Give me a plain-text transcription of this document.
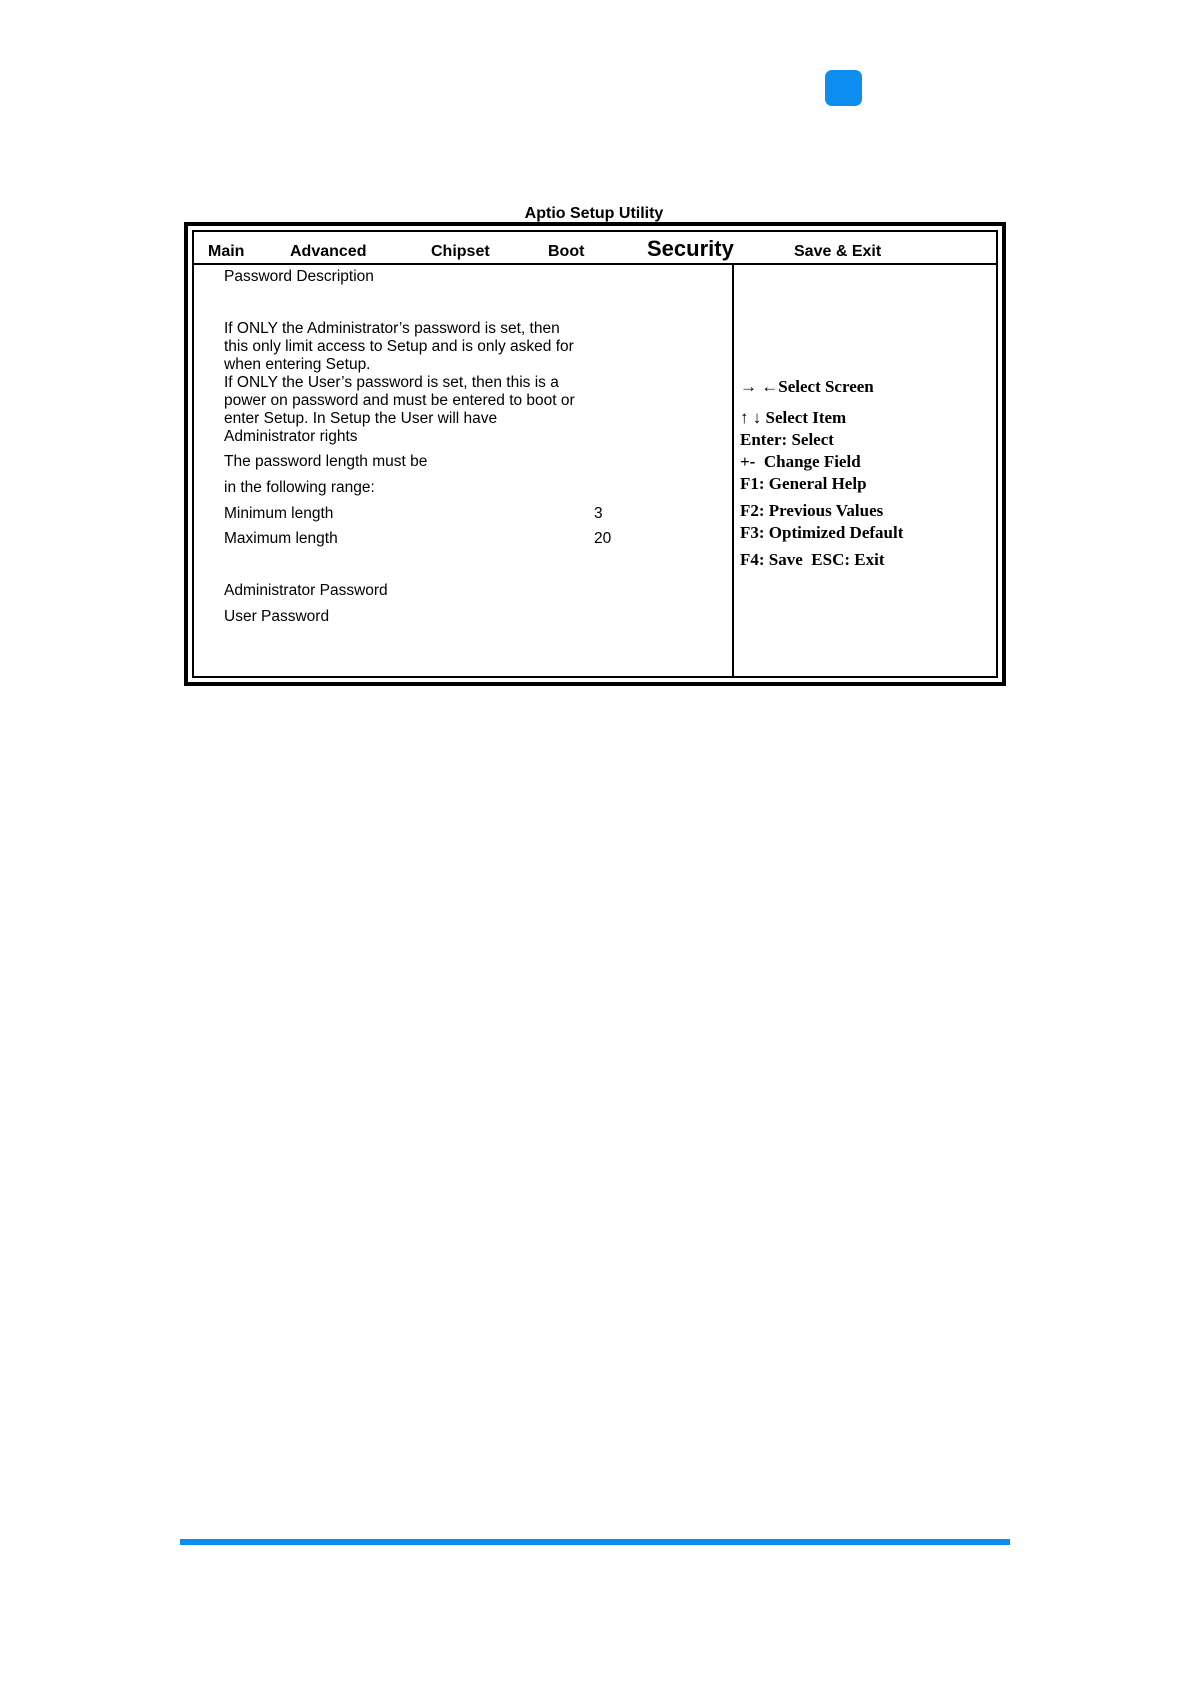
Aptio Setup Utility
Main	Advanced	Chipset	Boot	Security	Save & Exit
Password Description
If ONLY the Administrator’s password is set, then
this only limit access to Setup and is only asked for
when entering Setup.
If ONLY the User’s password is set, then this is a
power on password and must be entered to boot or
enter Setup. In Setup the User will have
Administrator rights
The password length must be
in the following range:
Minimum length	3
Maximum length	20
Administrator Password
User Password

→ ←Select Screen

↑ ↓ Select Item

Enter: Select

+-  Change Field

F1: General Help

F2: Previous Values

F3: Optimized Default

F4: Save  ESC: Exit
